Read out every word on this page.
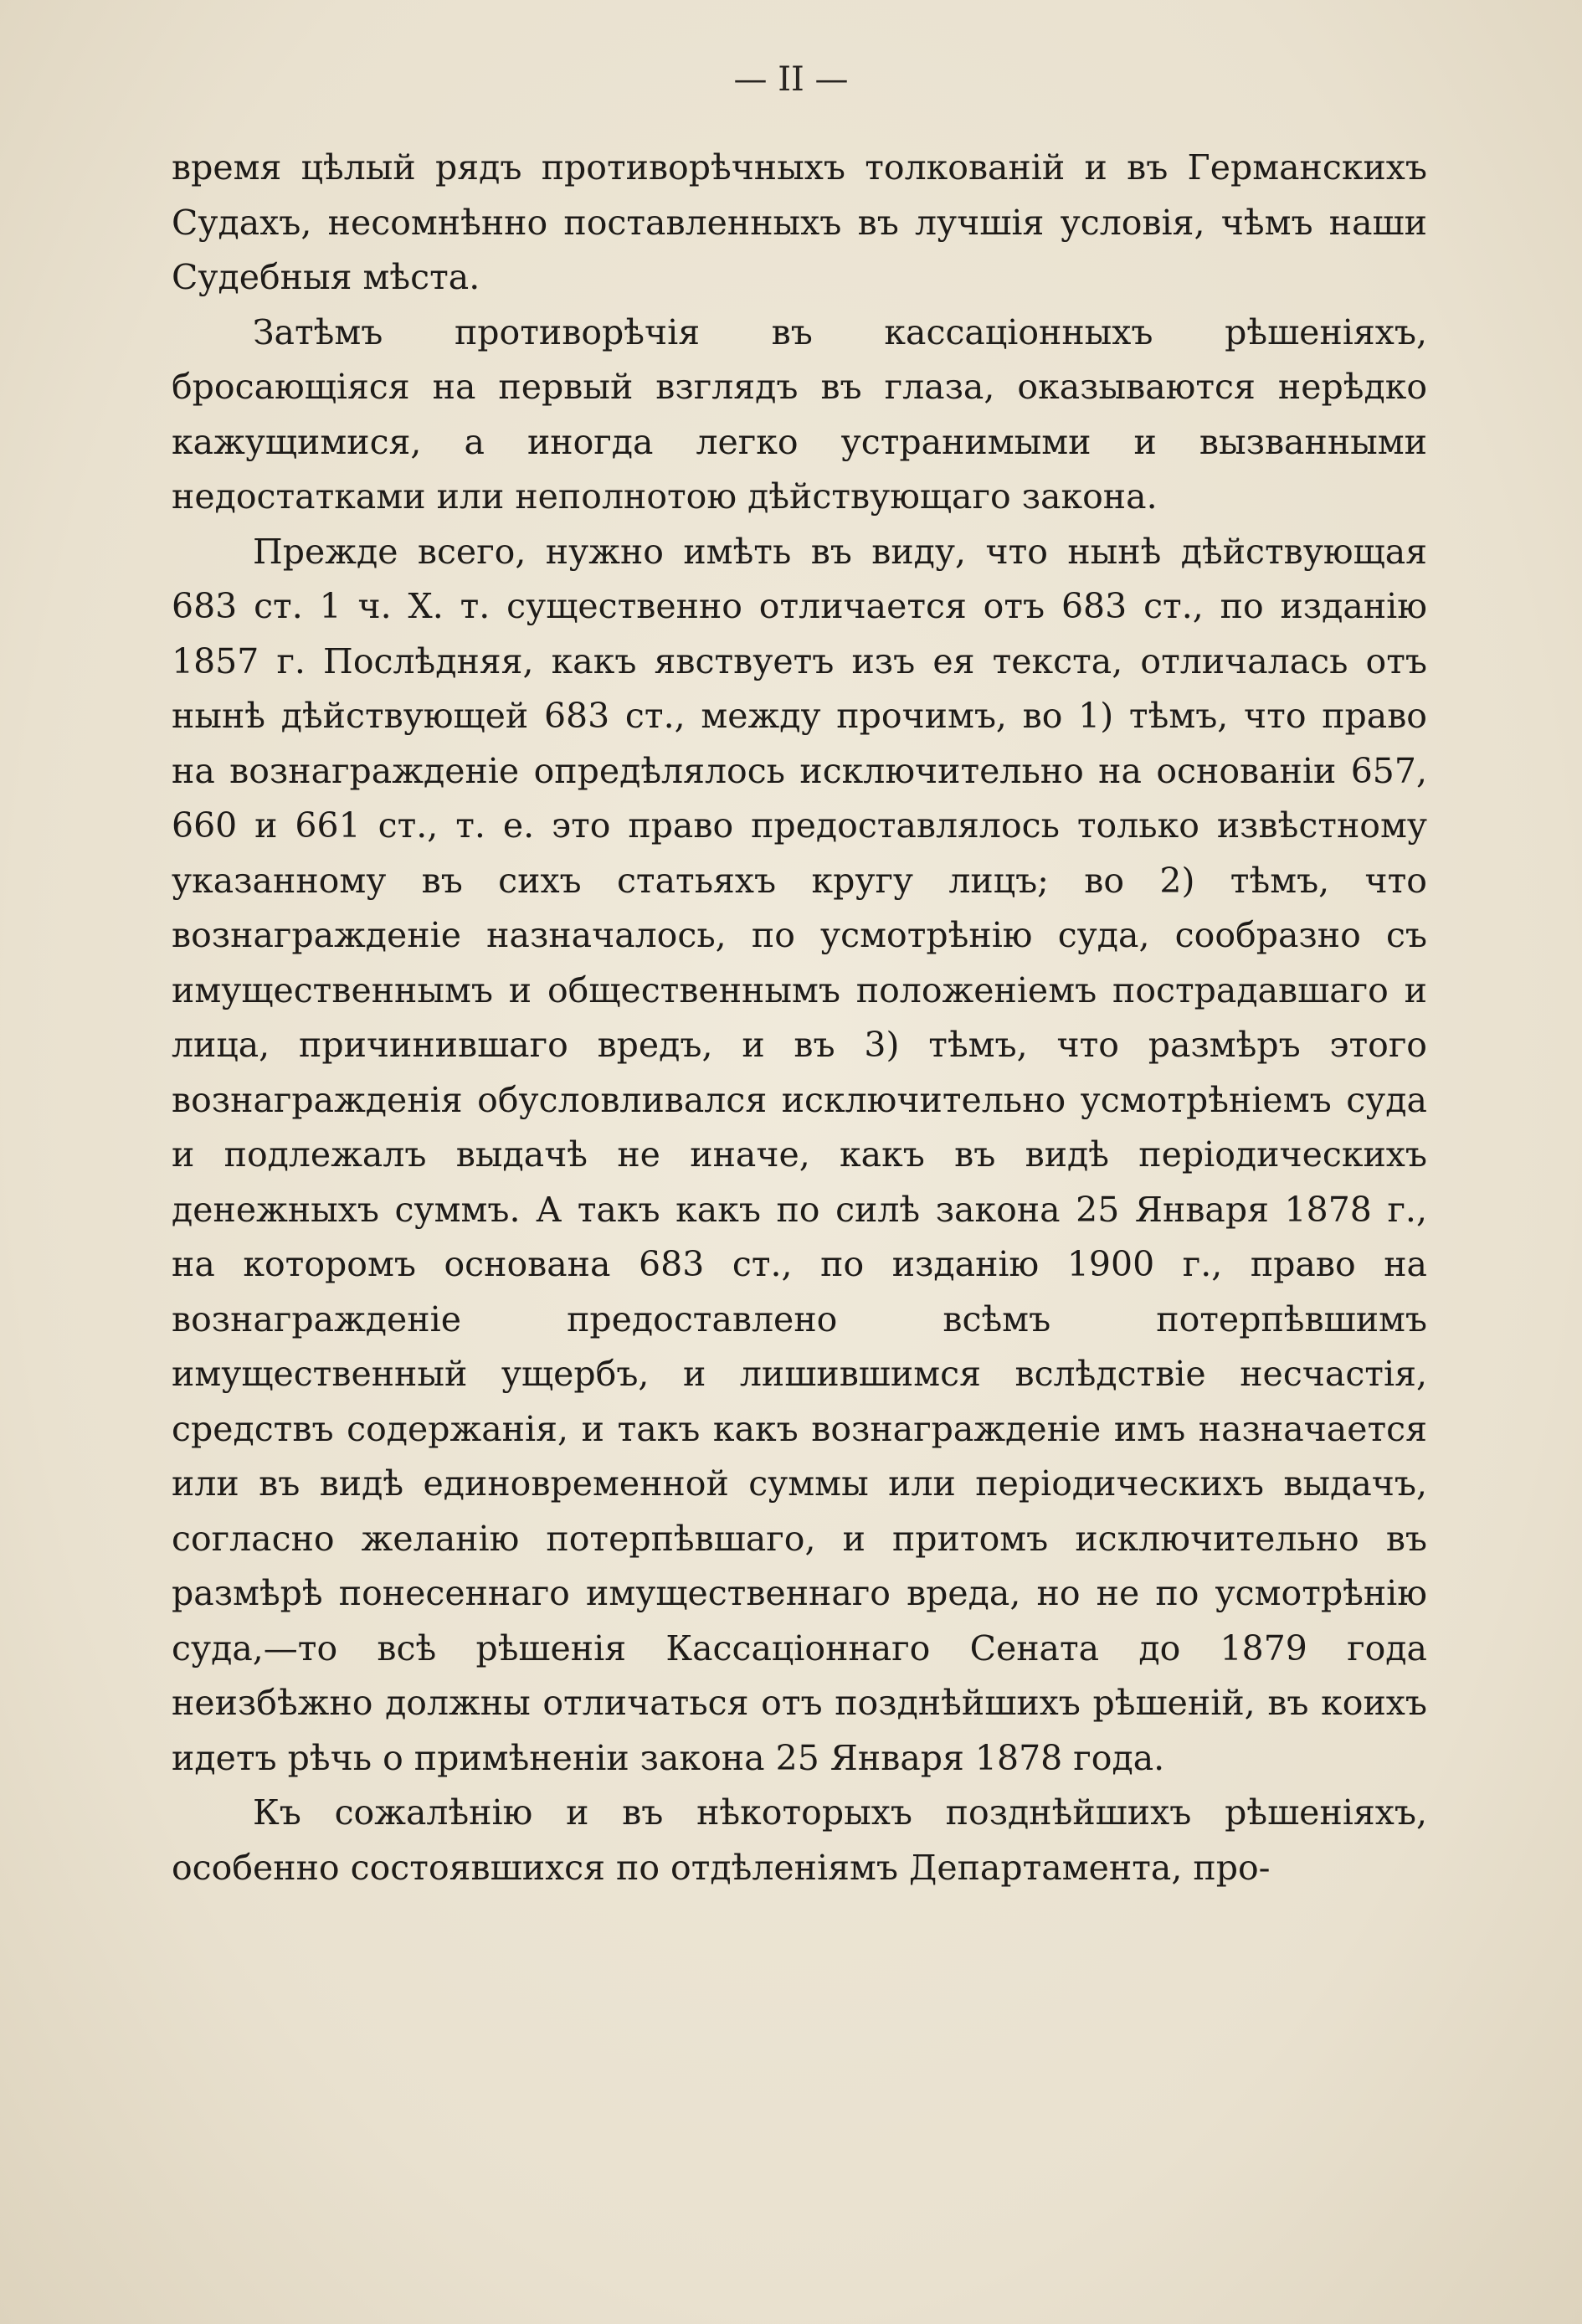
— II —

время цѣлый рядъ противорѣчныхъ толкованій и въ Германскихъ Судахъ, несомнѣнно поставленныхъ въ лучшія условія, чѣмъ наши Судебныя мѣста.

Затѣмъ противорѣчія въ кассаціонныхъ рѣшеніяхъ, бросающіяся на первый взглядъ въ глаза, оказываются нерѣдко кажущимися, а иногда легко устранимыми и вызванными недостатками или неполнотою дѣйствующаго закона.

Прежде всего, нужно имѣть въ виду, что нынѣ дѣйствующая 683 ст. 1 ч. X. т. существенно отличается отъ 683 ст., по изданію 1857 г. Послѣдняя, какъ явствуетъ изъ ея текста, отличалась отъ нынѣ дѣйствующей 683 ст., между прочимъ, во 1) тѣмъ, что право на вознагражденіе опредѣлялось исключительно на основаніи 657, 660 и 661 ст., т. е. это право предоставлялось только извѣстному указанному въ сихъ статьяхъ кругу лицъ; во 2) тѣмъ, что вознагражденіе назначалось, по усмотрѣнію суда, сообразно съ имущественнымъ и общественнымъ положеніемъ пострадавшаго и лица, причинившаго вредъ, и въ 3) тѣмъ, что размѣръ этого вознагражденія обусловливался исключительно усмотрѣніемъ суда и подлежалъ выдачѣ не иначе, какъ въ видѣ періодическихъ денежныхъ суммъ. А такъ какъ по силѣ закона 25 Января 1878 г., на которомъ основана 683 ст., по изданію 1900 г., право на вознагражденіе предоставлено всѣмъ потерпѣвшимъ имущественный ущербъ, и лишившимся вслѣдствіе несчастія, средствъ содержанія, и такъ какъ вознагражденіе имъ назначается или въ видѣ единовременной суммы или періодическихъ выдачъ, согласно желанію потерпѣвшаго, и притомъ исключительно въ размѣрѣ понесеннаго имущественнаго вреда, но не по усмотрѣнію суда,—то всѣ рѣшенія Кассаціоннаго Сената до 1879 года неизбѣжно должны отличаться отъ позднѣйшихъ рѣшеній, въ коихъ идетъ рѣчь о примѣненіи закона 25 Января 1878 года.

Къ сожалѣнію и въ нѣкоторыхъ позднѣйшихъ рѣшеніяхъ, особенно состоявшихся по отдѣленіямъ Департамента, про-
